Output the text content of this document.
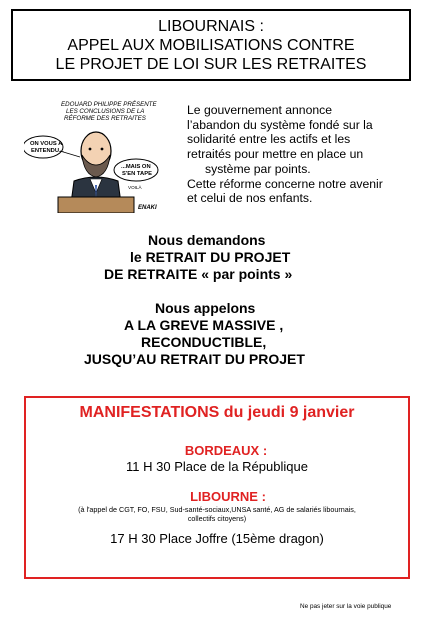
LIBOURNAIS :
APPEL AUX MOBILISATIONS CONTRE
LE PROJET DE LOI SUR LES RETRAITES
EDOUARD PHILIPPE PRÉSENTE
LES CONCLUSIONS DE LA
RÉFORME DES RETRAITES
ON VOUS A
ENTENDU...
...MAIS ON
S'EN TAPE
VOILÀ
ENAKI
Le gouvernement annonce
l’abandon du système fondé sur la
solidarité entre les actifs et les
retraités pour mettre en place un
système par points.
Cette réforme concerne notre avenir
et celui de nos enfants.
Nous demandons
le RETRAIT DU PROJET
DE RETRAITE « par points »
Nous appelons
A LA GREVE MASSIVE ,
RECONDUCTIBLE,
JUSQU’AU RETRAIT DU PROJET
MANIFESTATIONS du jeudi 9 janvier
BORDEAUX :
11 H 30 Place de la République
LIBOURNE :
(à l'appel de CGT, FO, FSU, Sud-santé-sociaux,UNSA santé, AG de salariés libournais,
collectifs citoyens)
17 H 30 Place Joffre (15ème dragon)
Ne pas jeter sur la voie publique
